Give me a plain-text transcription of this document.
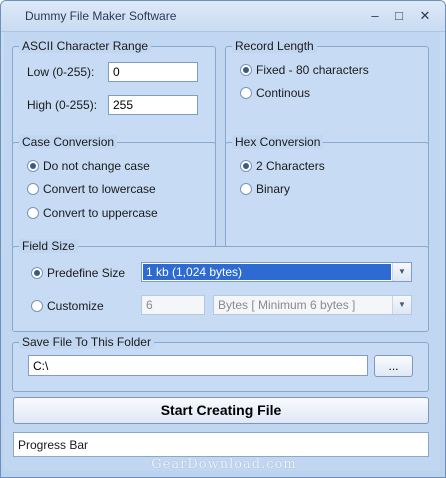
Dummy File Maker Software	–	□	✕
ASCII Character Range
Low (0-255):
0
High (0-255):
255
Record Length
Fixed - 80 characters
Continous
Case Conversion
Do not change case
Convert to lowercase
Convert to uppercase
Hex Conversion
2 Characters
Binary
Field Size
Predefine Size 1 kb (1,024 bytes)	▼
Customize
6	Bytes [ Minimum 6 bytes ]	▼
Save File To This Folder
C:\
...
Start Creating File
Progress Bar
GearDownload.com
